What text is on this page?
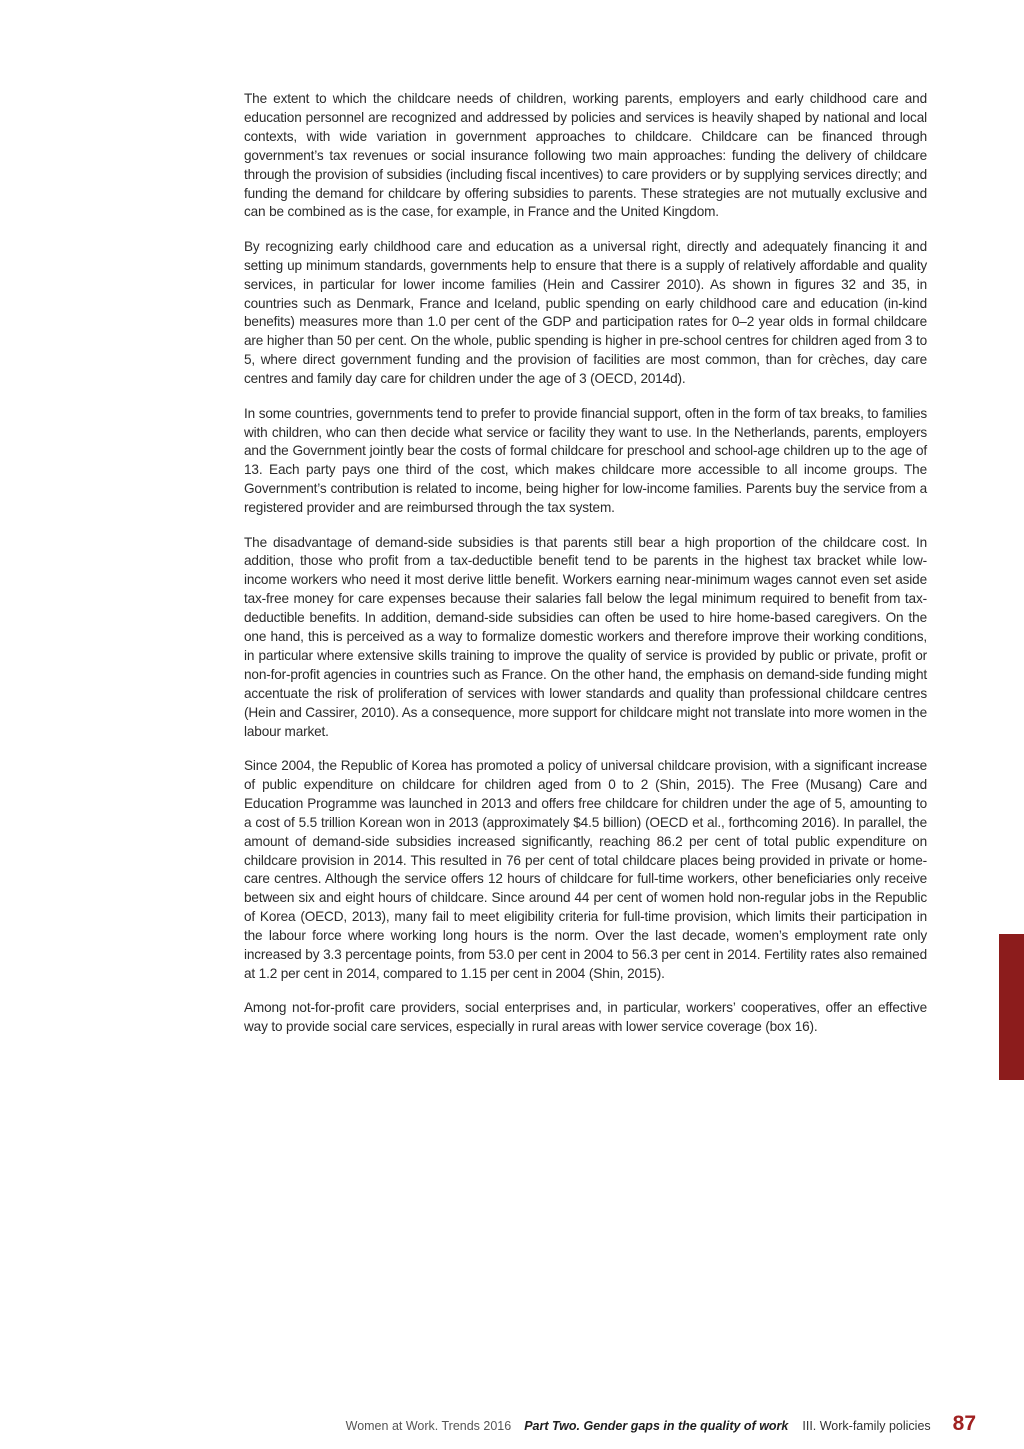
The extent to which the childcare needs of children, working parents, employers and early childhood care and education personnel are recognized and addressed by policies and services is heavily shaped by national and local contexts, with wide variation in government approaches to childcare. Childcare can be financed through government’s tax revenues or social insurance following two main approaches: funding the delivery of childcare through the provision of subsidies (including fiscal incentives) to care providers or by supplying services directly; and funding the demand for childcare by offering subsidies to parents. These strategies are not mutually exclusive and can be combined as is the case, for example, in France and the United Kingdom.

By recognizing early childhood care and education as a universal right, directly and adequately financing it and setting up minimum standards, governments help to ensure that there is a supply of relatively affordable and quality services, in particular for lower income families (Hein and Cassirer 2010). As shown in figures 32 and 35, in countries such as Denmark, France and Iceland, public spending on early childhood care and education (in-kind benefits) measures more than 1.0 per cent of the GDP and participation rates for 0–2 year olds in formal childcare are higher than 50 per cent. On the whole, public spending is higher in pre-school centres for children aged from 3 to 5, where direct government funding and the provision of facilities are most common, than for crèches, day care centres and family day care for children under the age of 3 (OECD, 2014d).

In some countries, governments tend to prefer to provide financial support, often in the form of tax breaks, to families with children, who can then decide what service or facility they want to use. In the Netherlands, parents, employers and the Government jointly bear the costs of formal childcare for preschool and school-age children up to the age of 13. Each party pays one third of the cost, which makes childcare more accessible to all income groups. The Government’s contribution is related to income, being higher for low-income families. Parents buy the service from a registered provider and are reimbursed through the tax system.

The disadvantage of demand-side subsidies is that parents still bear a high proportion of the childcare cost. In addition, those who profit from a tax-deductible benefit tend to be parents in the highest tax bracket while low-income workers who need it most derive little benefit. Workers earning near-minimum wages cannot even set aside tax-free money for care expenses because their salaries fall below the legal minimum required to benefit from tax-deductible benefits. In addition, demand-side subsidies can often be used to hire home-based caregivers. On the one hand, this is perceived as a way to formalize domestic workers and therefore improve their working conditions, in particular where extensive skills training to improve the quality of service is provided by public or private, profit or non-for-profit agencies in countries such as France. On the other hand, the emphasis on demand-side funding might accentuate the risk of proliferation of services with lower standards and quality than professional childcare centres (Hein and Cassirer, 2010). As a consequence, more support for childcare might not translate into more women in the labour market.

Since 2004, the Republic of Korea has promoted a policy of universal childcare provision, with a significant increase of public expenditure on childcare for children aged from 0 to 2 (Shin, 2015). The Free (Musang) Care and Education Programme was launched in 2013 and offers free childcare for children under the age of 5, amounting to a cost of 5.5 trillion Korean won in 2013 (approximately $4.5 billion) (OECD et al., forthcoming 2016). In parallel, the amount of demand-side subsidies increased significantly, reaching 86.2 per cent of total public expenditure on childcare provision in 2014. This resulted in 76 per cent of total childcare places being provided in private or home-care centres. Although the service offers 12 hours of childcare for full-time workers, other beneficiaries only receive between six and eight hours of childcare. Since around 44 per cent of women hold non-regular jobs in the Republic of Korea (OECD, 2013), many fail to meet eligibility criteria for full-time provision, which limits their participation in the labour force where working long hours is the norm. Over the last decade, women’s employment rate only increased by 3.3 percentage points, from 53.0 per cent in 2004 to 56.3 per cent in 2014. Fertility rates also remained at 1.2 per cent in 2014, compared to 1.15 per cent in 2004 (Shin, 2015).

Among not-for-profit care providers, social enterprises and, in particular, workers’ cooperatives, offer an effective way to provide social care services, especially in rural areas with lower service coverage (box 16).

Women at Work. Trends 2016 Part Two. Gender gaps in the quality of work III. Work-family policies 87
